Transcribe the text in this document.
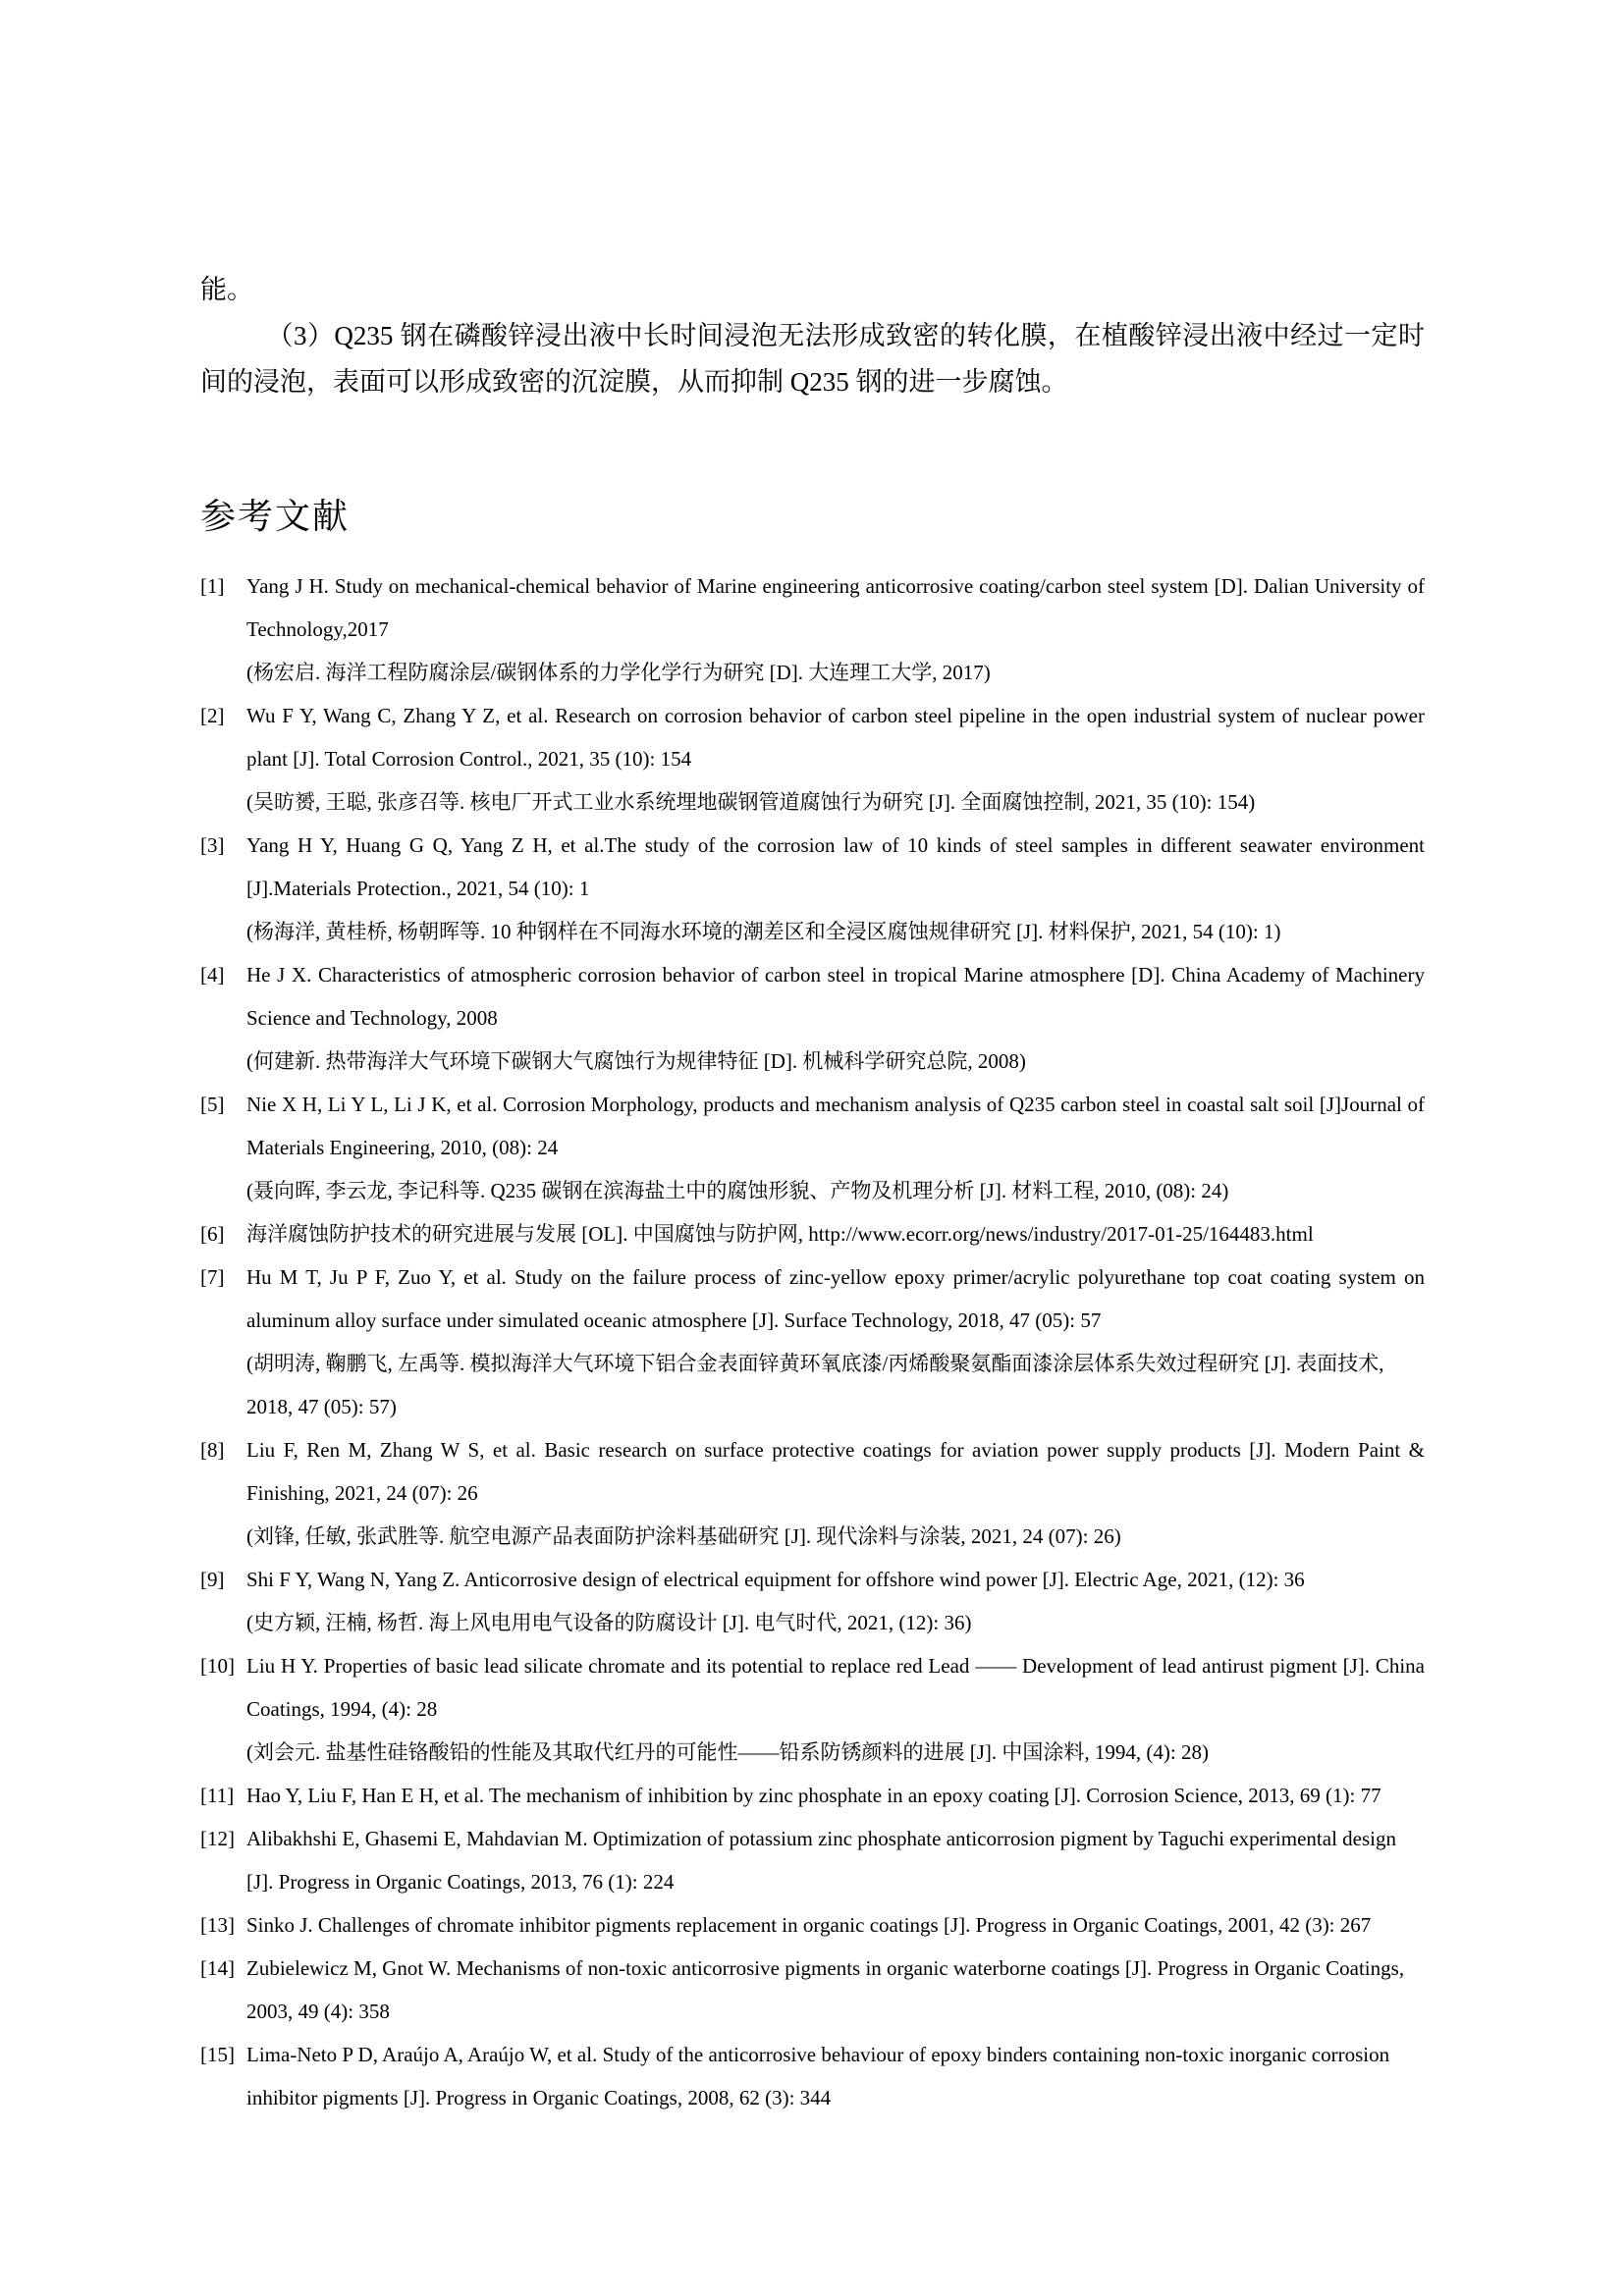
能。

（3）Q235 钢在磷酸锌浸出液中长时间浸泡无法形成致密的转化膜，在植酸锌浸出液中经过一定时间的浸泡，表面可以形成致密的沉淀膜，从而抑制 Q235 钢的进一步腐蚀。

参考文献
[1] Yang J H. Study on mechanical-chemical behavior of Marine engineering anticorrosive coating/carbon steel system [D]. Dalian University of Technology,2017

(杨宏启. 海洋工程防腐涂层/碳钢体系的力学化学行为研究 [D]. 大连理工大学, 2017)

[2] Wu F Y, Wang C, Zhang Y Z, et al. Research on corrosion behavior of carbon steel pipeline in the open industrial system of nuclear power plant [J]. Total Corrosion Control., 2021, 35 (10): 154

(吴昉赟, 王聪, 张彦召等. 核电厂开式工业水系统埋地碳钢管道腐蚀行为研究 [J]. 全面腐蚀控制, 2021, 35 (10): 154)

[3] Yang H Y, Huang G Q, Yang Z H, et al.The study of the corrosion law of 10 kinds of steel samples in different seawater environment [J].Materials Protection., 2021, 54 (10): 1

(杨海洋, 黄桂桥, 杨朝晖等. 10 种钢样在不同海水环境的潮差区和全浸区腐蚀规律研究 [J]. 材料保护, 2021, 54 (10): 1)

[4] He J X. Characteristics of atmospheric corrosion behavior of carbon steel in tropical Marine atmosphere [D]. China Academy of Machinery Science and Technology, 2008

(何建新. 热带海洋大气环境下碳钢大气腐蚀行为规律特征 [D]. 机械科学研究总院, 2008)

[5] Nie X H, Li Y L, Li J K, et al. Corrosion Morphology, products and mechanism analysis of Q235 carbon steel in coastal salt soil [J]Journal of Materials Engineering, 2010, (08): 24

(聂向晖, 李云龙, 李记科等. Q235 碳钢在滨海盐土中的腐蚀形貌、产物及机理分析 [J]. 材料工程, 2010, (08): 24)

[6] 海洋腐蚀防护技术的研究进展与发展 [OL]. 中国腐蚀与防护网, http://www.ecorr.org/news/industry/2017-01-25/164483.html

[7] Hu M T, Ju P F, Zuo Y, et al. Study on the failure process of zinc-yellow epoxy primer/acrylic polyurethane top coat coating system on aluminum alloy surface under simulated oceanic atmosphere [J]. Surface Technology, 2018, 47 (05): 57

(胡明涛, 鞠鹏飞, 左禹等. 模拟海洋大气环境下铝合金表面锌黄环氧底漆/丙烯酸聚氨酯面漆涂层体系失效过程研究 [J]. 表面技术, 2018, 47 (05): 57)

[8] Liu F, Ren M, Zhang W S, et al. Basic research on surface protective coatings for aviation power supply products [J]. Modern Paint & Finishing, 2021, 24 (07): 26

(刘锋, 任敏, 张武胜等. 航空电源产品表面防护涂料基础研究 [J]. 现代涂料与涂装, 2021, 24 (07): 26)

[9] Shi F Y, Wang N, Yang Z. Anticorrosive design of electrical equipment for offshore wind power [J]. Electric Age, 2021, (12): 36

(史方颖, 汪楠, 杨哲. 海上风电用电气设备的防腐设计 [J]. 电气时代, 2021, (12): 36)

[10] Liu H Y. Properties of basic lead silicate chromate and its potential to replace red Lead —— Development of lead antirust pigment [J]. China Coatings, 1994, (4): 28

(刘会元. 盐基性硅铬酸铅的性能及其取代红丹的可能性——铅系防锈颜料的进展 [J]. 中国涂料, 1994, (4): 28)

[11] Hao Y, Liu F, Han E H, et al. The mechanism of inhibition by zinc phosphate in an epoxy coating [J]. Corrosion Science, 2013, 69 (1): 77

[12] Alibakhshi E, Ghasemi E, Mahdavian M. Optimization of potassium zinc phosphate anticorrosion pigment by Taguchi experimental design [J]. Progress in Organic Coatings, 2013, 76 (1): 224

[13] Sinko J. Challenges of chromate inhibitor pigments replacement in organic coatings [J]. Progress in Organic Coatings, 2001, 42 (3): 267

[14] Zubielewicz M, Gnot W. Mechanisms of non-toxic anticorrosive pigments in organic waterborne coatings [J]. Progress in Organic Coatings, 2003, 49 (4): 358

[15] Lima-Neto P D, Araújo A, Araújo W, et al. Study of the anticorrosive behaviour of epoxy binders containing non-toxic inorganic corrosion inhibitor pigments [J]. Progress in Organic Coatings, 2008, 62 (3): 344
